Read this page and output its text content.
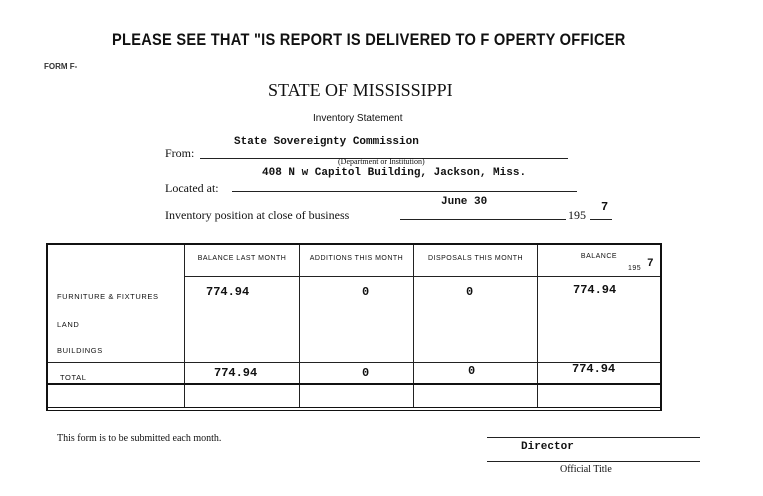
PLEASE SEE THAT "IS REPORT IS DELIVERED TO F OPERTY OFFICER
FORM F-
STATE OF MISSISSIPPI
Inventory Statement
State Sovereignty Commission
From:
(Department or Institution)
408 N w Capitol Building, Jackson, Miss.
Located at:
June 30
Inventory position at close of business	195
7
BALANCE LAST MONTH	ADDITIONS THIS MONTH	DISPOSALS THIS MONTH	BALANCE
195 7
FURNITURE & FIXTURES	774.94	0	0	774.94
LAND
BUILDINGS
TOTAL	774.94	0	0	774.94
This form is to be submitted each month.
Director
Official Title
